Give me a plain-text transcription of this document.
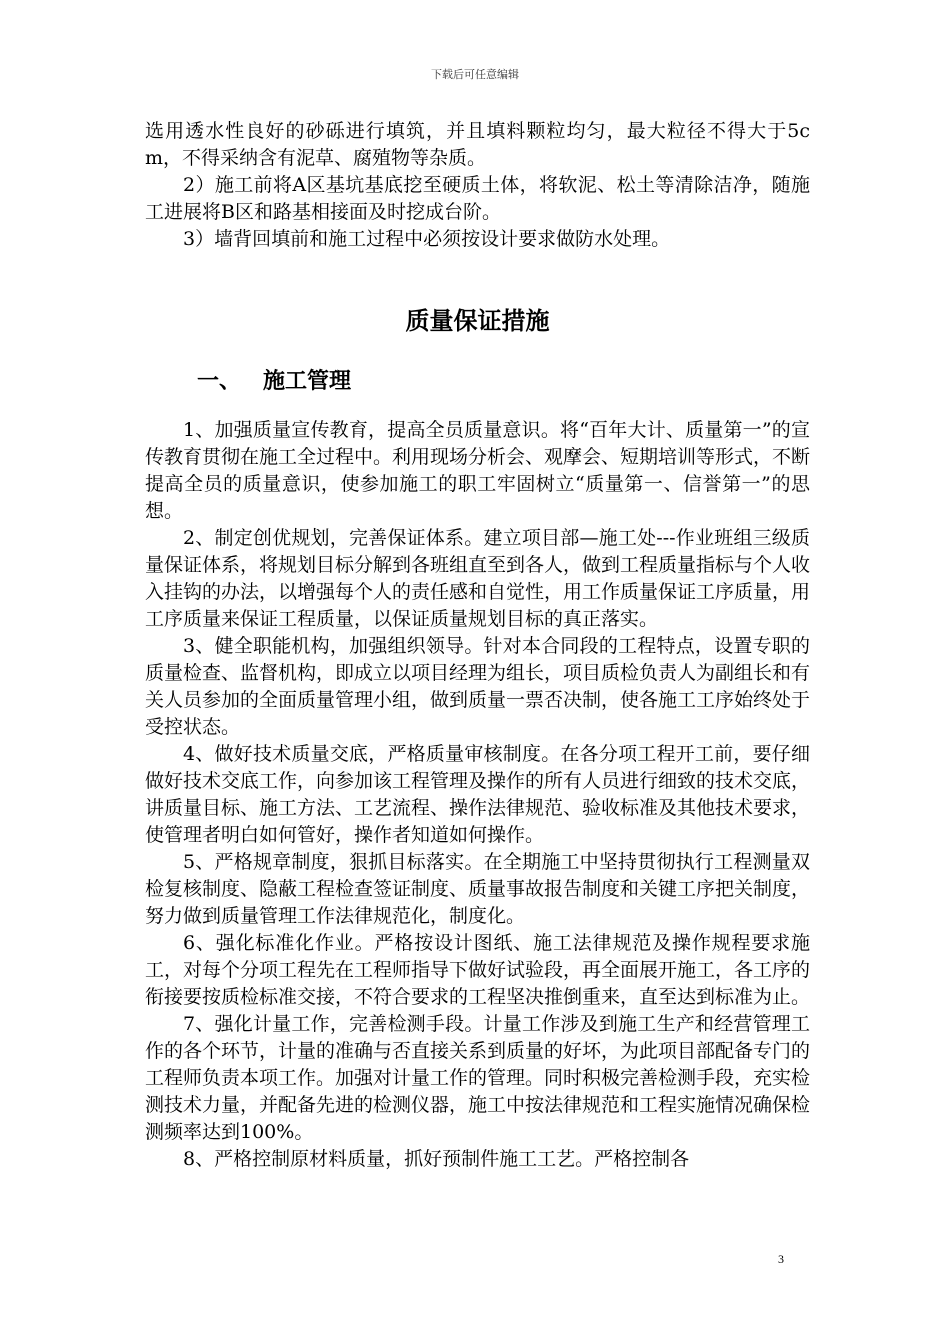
下载后可任意编辑

选用透水性良好的砂砾进行填筑，并且填料颗粒均匀，最大粒径不得大于5cm，不得采纳含有泥草、腐殖物等杂质。

2）施工前将A区基坑基底挖至硬质土体，将软泥、松土等清除洁净，随施工进展将B区和路基相接面及时挖成台阶。

3）墙背回填前和施工过程中必须按设计要求做防水处理。

质量保证措施
一、 施工管理

1、加强质量宣传教育，提高全员质量意识。将“百年大计、质量第一”的宣传教育贯彻在施工全过程中。利用现场分析会、观摩会、短期培训等形式，不断提高全员的质量意识，使参加施工的职工牢固树立“质量第一、信誉第一”的思想。

2、制定创优规划，完善保证体系。建立项目部—施工处---作业班组三级质量保证体系，将规划目标分解到各班组直至到各人，做到工程质量指标与个人收入挂钩的办法，以增强每个人的责任感和自觉性，用工作质量保证工序质量，用工序质量来保证工程质量，以保证质量规划目标的真正落实。

3、健全职能机构，加强组织领导。针对本合同段的工程特点，设置专职的质量检查、监督机构，即成立以项目经理为组长，项目质检负责人为副组长和有关人员参加的全面质量管理小组，做到质量一票否决制，使各施工工序始终处于受控状态。

4、做好技术质量交底，严格质量审核制度。在各分项工程开工前，要仔细做好技术交底工作，向参加该工程管理及操作的所有人员进行细致的技术交底，讲质量目标、施工方法、工艺流程、操作法律规范、验收标准及其他技术要求，使管理者明白如何管好，操作者知道如何操作。

5、严格规章制度，狠抓目标落实。在全期施工中坚持贯彻执行工程测量双检复核制度、隐蔽工程检查签证制度、质量事故报告制度和关键工序把关制度，努力做到质量管理工作法律规范化，制度化。

6、强化标准化作业。严格按设计图纸、施工法律规范及操作规程要求施工，对每个分项工程先在工程师指导下做好试验段，再全面展开施工，各工序的衔接要按质检标准交接，不符合要求的工程坚决推倒重来，直至达到标准为止。

7、强化计量工作，完善检测手段。计量工作涉及到施工生产和经营管理工作的各个环节，计量的准确与否直接关系到质量的好坏，为此项目部配备专门的工程师负责本项工作。加强对计量工作的管理。同时积极完善检测手段，充实检测技术力量，并配备先进的检测仪器，施工中按法律规范和工程实施情况确保检测频率达到100%。

8、严格控制原材料质量，抓好预制件施工工艺。严格控制各

3
